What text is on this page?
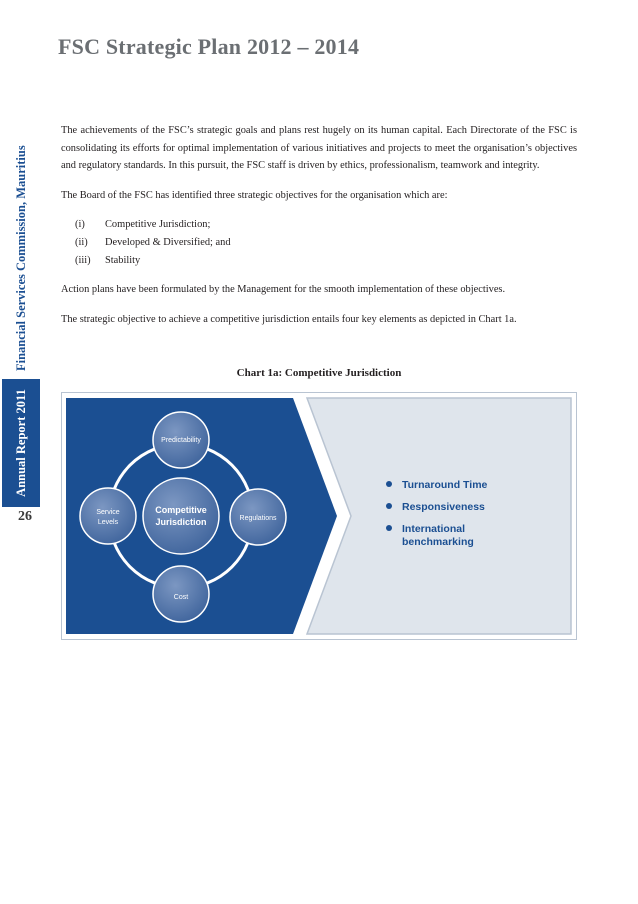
Annual Report 2011
Financial Services Commission, Mauritius
26
FSC Strategic Plan 2012 – 2014

The achievements of the FSC’s strategic goals and plans rest hugely on its human capital. Each Directorate of the FSC is consolidating its efforts for optimal implementation of various initiatives and projects to meet the organisation’s objectives and regulatory standards. In this pursuit, the FSC staff is driven by ethics, professionalism, teamwork and integrity.

The Board of the FSC has identified three strategic objectives for the organisation which are:

(i)	Competitive Jurisdiction;
(ii)	Developed & Diversified; and
(iii)	Stability

Action plans have been formulated by the Management for the smooth implementation of these objectives.

The strategic objective to achieve a competitive jurisdiction entails four key elements as depicted in Chart 1a.

Chart 1a: Competitive Jurisdiction
Competitive
Jurisdiction
Predictability
Regulations
Cost
Service
Levels
Turnaround Time
Responsiveness
International
benchmarking
